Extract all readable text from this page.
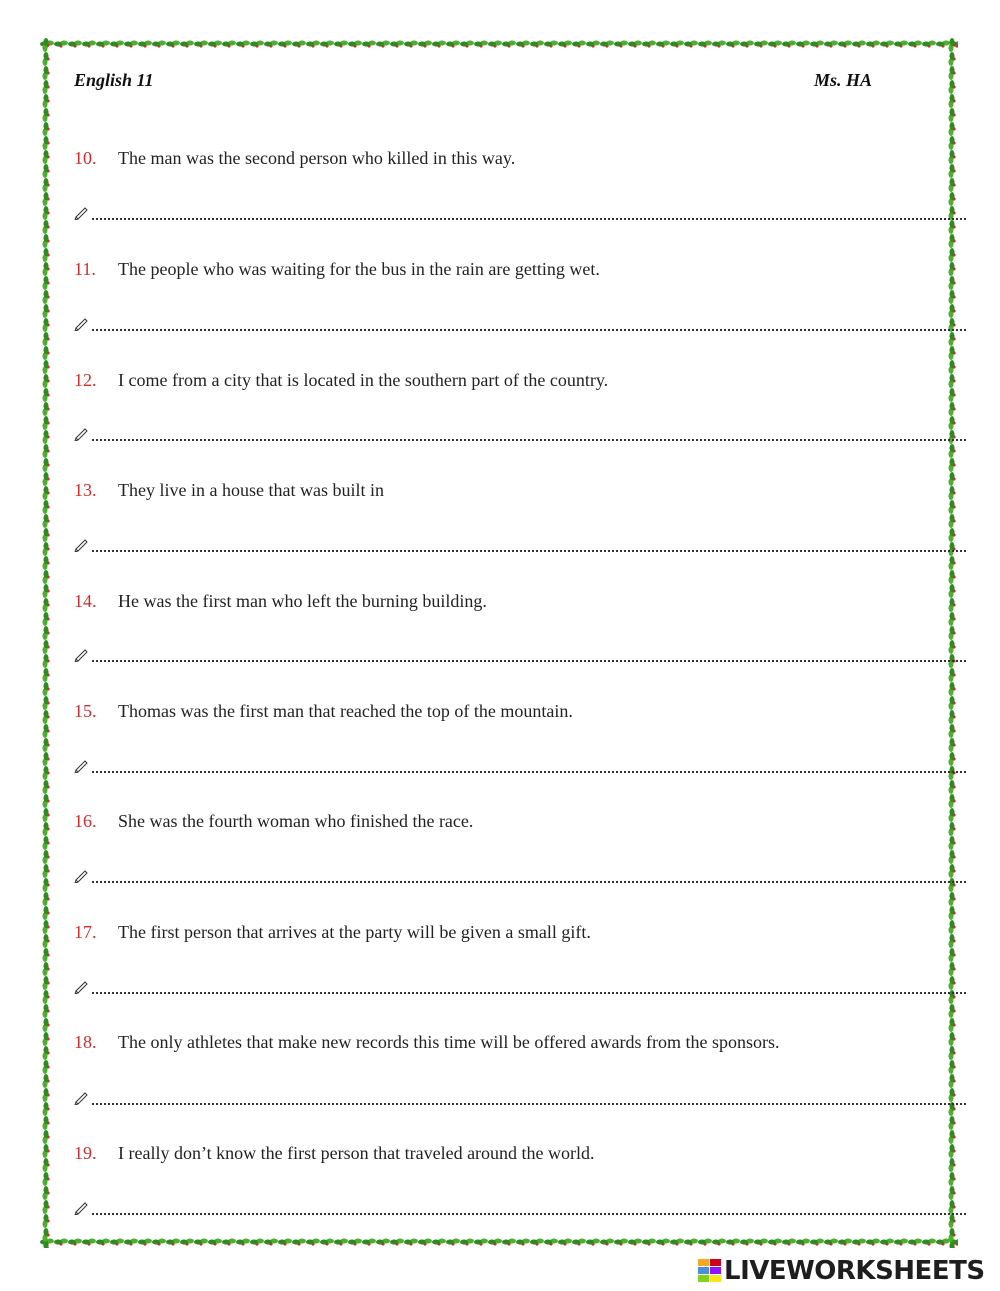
English 11	Ms. HA
10. The man was the second person who killed in this way.
11. The people who was waiting for the bus in the rain are getting wet.
12. I come from a city that is located in the southern part of the country.
13. They live in a house that was built in
14. He was the first man who left the burning building.
15. Thomas was the first man that reached the top of the mountain.
16. She was the fourth woman who finished the race.
17. The first person that arrives at the party will be given a small gift.
18. The only athletes that make new records this time will be offered awards from the sponsors.
19. I really don’t know the first person that traveled around the world.
LIVEWORKSHEETS
